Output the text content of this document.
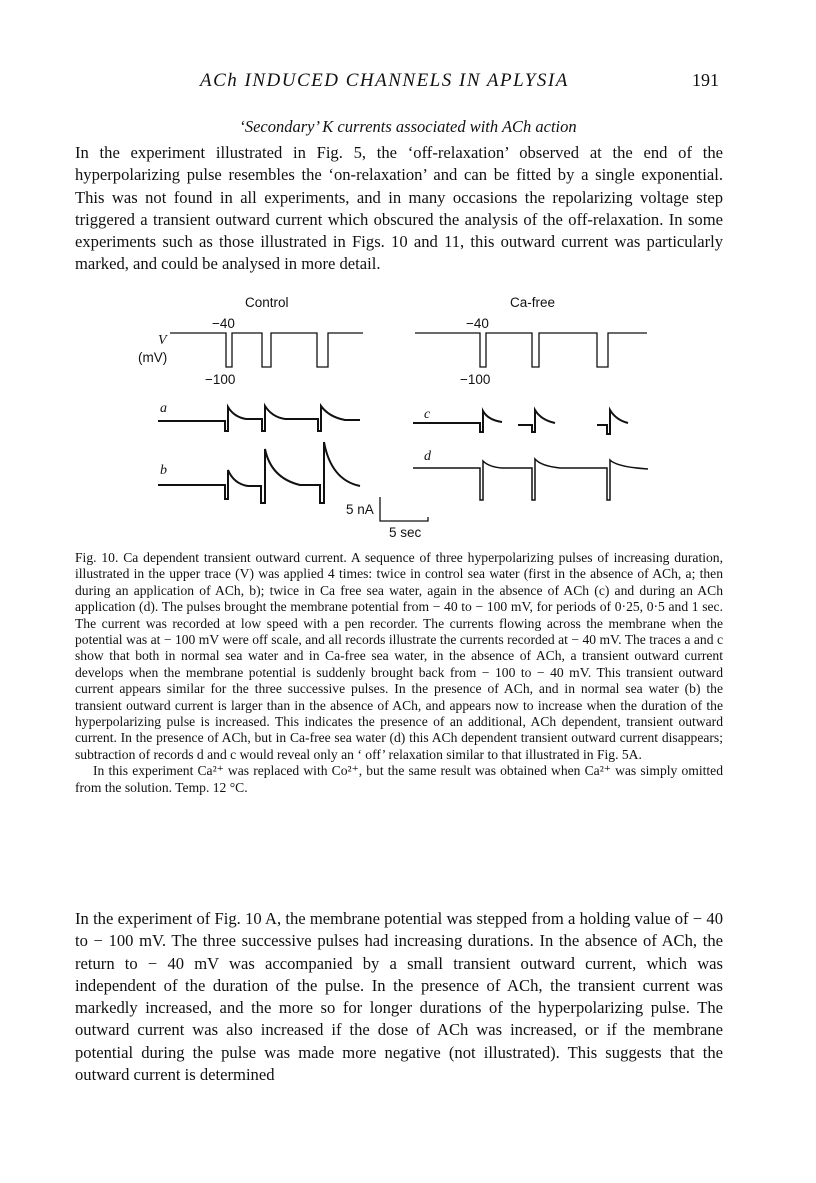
ACh INDUCED CHANNELS IN APLYSIA	191
‘Secondary’ K currents associated with ACh action

In the experiment illustrated in Fig. 5, the ‘off-relaxation’ observed at the end of the hyperpolarizing pulse resembles the ‘on-relaxation’ and can be fitted by a single exponential. This was not found in all experiments, and in many occasions the repolarizing voltage step triggered a transient outward current which obscured the analysis of the off-relaxation. In some experiments such as those illustrated in Figs. 10 and 11, this outward current was particularly marked, and could be analysed in more detail.

Control	Ca-free
−40	−40
−100	−100
V
(mV)
a
b
c
d
5 nA
5 sec

Fig. 10. Ca dependent transient outward current. A sequence of three hyperpolarizing pulses of increasing duration, illustrated in the upper trace (V) was applied 4 times: twice in control sea water (first in the absence of ACh, a; then during an application of ACh, b); twice in Ca free sea water, again in the absence of ACh (c) and during an ACh application (d). The pulses brought the membrane potential from − 40 to − 100 mV, for periods of 0·25, 0·5 and 1 sec. The current was recorded at low speed with a pen recorder. The currents flowing across the membrane when the potential was at − 100 mV were off scale, and all records illustrate the currents recorded at − 40 mV. The traces a and c show that both in normal sea water and in Ca-free sea water, in the absence of ACh, a transient outward current develops when the membrane potential is suddenly brought back from − 100 to − 40 mV. This transient outward current appears similar for the three successive pulses. In the presence of ACh, and in normal sea water (b) the transient outward current is larger than in the absence of ACh, and appears now to increase when the duration of the hyperpolarizing pulse is increased. This indicates the presence of an additional, ACh dependent, transient outward current. In the presence of ACh, but in Ca-free sea water (d) this ACh dependent transient outward current disappears; subtraction of records d and c would reveal only an ‘ off’ relaxation similar to that illustrated in Fig. 5A.

In this experiment Ca²⁺ was replaced with Co²⁺, but the same result was obtained when Ca²⁺ was simply omitted from the solution. Temp. 12 °C.

In the experiment of Fig. 10 A, the membrane potential was stepped from a holding value of − 40 to − 100 mV. The three successive pulses had increasing durations. In the absence of ACh, the return to − 40 mV was accompanied by a small transient outward current, which was independent of the duration of the pulse. In the presence of ACh, the transient current was markedly increased, and the more so for longer durations of the hyperpolarizing pulse. The outward current was also increased if the dose of ACh was increased, or if the membrane potential during the pulse was made more negative (not illustrated). This suggests that the outward current is determined
